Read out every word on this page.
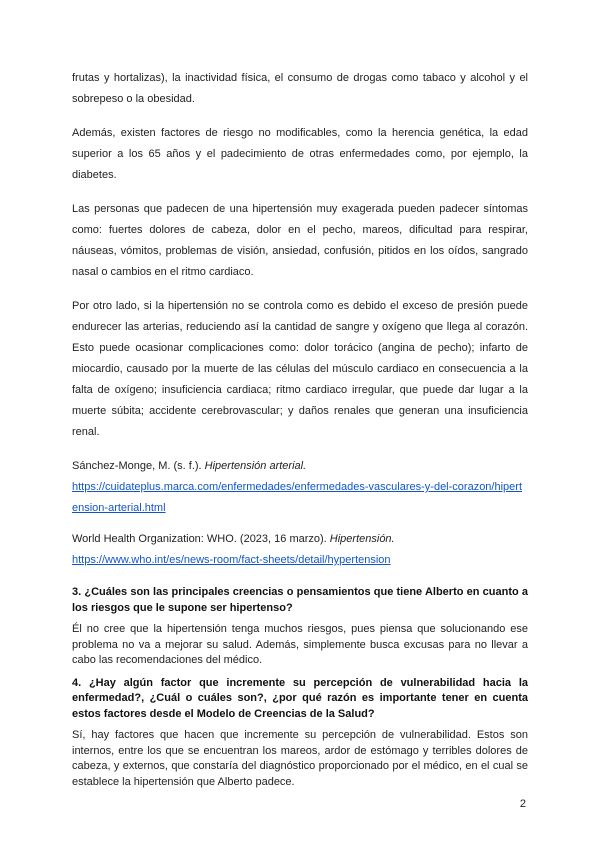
frutas y hortalizas), la inactividad física, el consumo de drogas como tabaco y alcohol y el sobrepeso o la obesidad.

Además, existen factores de riesgo no modificables, como la herencia genética, la edad superior a los 65 años y el padecimiento de otras enfermedades como, por ejemplo, la diabetes.

Las personas que padecen de una hipertensión muy exagerada pueden padecer síntomas como: fuertes dolores de cabeza, dolor en el pecho, mareos, dificultad para respirar, náuseas, vómitos, problemas de visión, ansiedad, confusión, pitidos en los oídos, sangrado nasal o cambios en el ritmo cardiaco.

Por otro lado, si la hipertensión no se controla como es debido el exceso de presión puede endurecer las arterias, reduciendo así la cantidad de sangre y oxígeno que llega al corazón. Esto puede ocasionar complicaciones como: dolor torácico (angina de pecho); infarto de miocardio, causado por la muerte de las células del músculo cardiaco en consecuencia a la falta de oxígeno; insuficiencia cardiaca; ritmo cardiaco irregular, que puede dar lugar a la muerte súbita; accidente cerebrovascular; y daños renales que generan una insuficiencia renal.

Sánchez-Monge, M. (s. f.). Hipertensión arterial.
https://cuidateplus.marca.com/enfermedades/enfermedades-vasculares-y-del-corazon/hipertension-arterial.html

World Health Organization: WHO. (2023, 16 marzo). Hipertensión.
https://www.who.int/es/news-room/fact-sheets/detail/hypertension

3. ¿Cuáles son las principales creencias o pensamientos que tiene Alberto en cuanto a los riesgos que le supone ser hipertenso?

Él no cree que la hipertensión tenga muchos riesgos, pues piensa que solucionando ese problema no va a mejorar su salud. Además, simplemente busca excusas para no llevar a cabo las recomendaciones del médico.

4. ¿Hay algún factor que incremente su percepción de vulnerabilidad hacia la enfermedad?, ¿Cuál o cuáles son?, ¿por qué razón es importante tener en cuenta estos factores desde el Modelo de Creencias de la Salud?

Sí, hay factores que hacen que incremente su percepción de vulnerabilidad. Estos son internos, entre los que se encuentran los mareos, ardor de estómago y terribles dolores de cabeza, y externos, que constaría del diagnóstico proporcionado por el médico, en el cual se establece la hipertensión que Alberto padece.

2
